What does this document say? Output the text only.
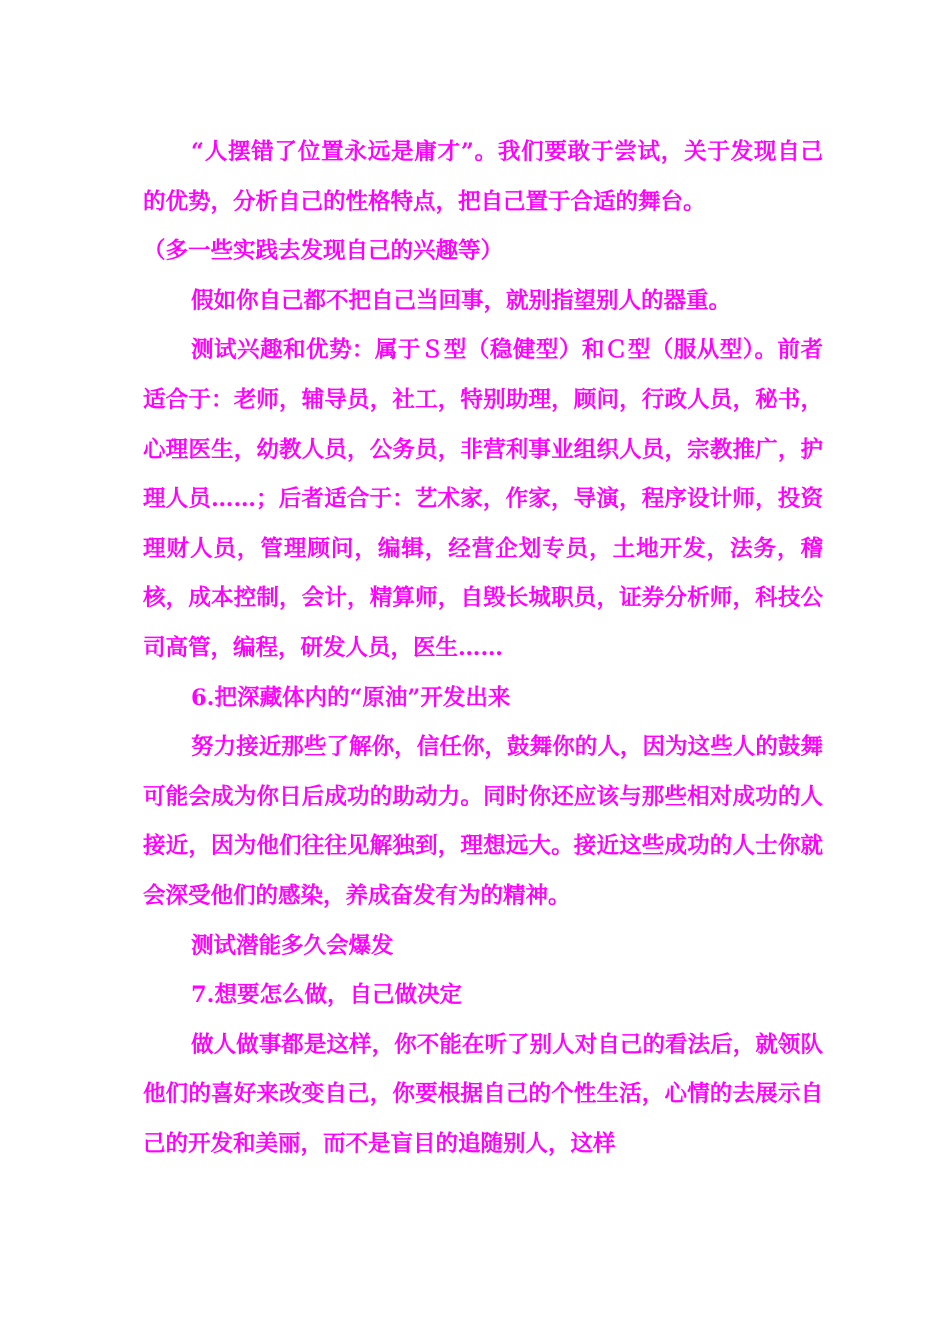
“人摆错了位置永远是庸才”。我们要敢于尝试，关于发现自己的优势，分析自己的性格特点，把自己置于合适的舞台。

（多一些实践去发现自己的兴趣等）

假如你自己都不把自己当回事，就别指望别人的器重。

测试兴趣和优势：属于Ｓ型（稳健型）和Ｃ型（服从型）。前者适合于：老师，辅导员，社工，特别助理，顾问，行政人员，秘书，心理医生，幼教人员，公务员，非营利事业组织人员，宗教推广，护理人员……；后者适合于：艺术家，作家，导演，程序设计师，投资理财人员，管理顾问，编辑，经营企划专员，土地开发，法务，稽核，成本控制，会计，精算师，自毁长城职员，证券分析师，科技公司高管，编程，研发人员，医生……

6.把深藏体内的“原油”开发出来

努力接近那些了解你，信任你，鼓舞你的人，因为这些人的鼓舞可能会成为你日后成功的助动力。同时你还应该与那些相对成功的人接近，因为他们往往见解独到，理想远大。接近这些成功的人士你就会深受他们的感染，养成奋发有为的精神。

测试潜能多久会爆发

7.想要怎么做，自己做决定

做人做事都是这样，你不能在听了别人对自己的看法后，就领队他们的喜好来改变自己，你要根据自己的个性生活，心情的去展示自己的开发和美丽，而不是盲目的追随别人，这样
